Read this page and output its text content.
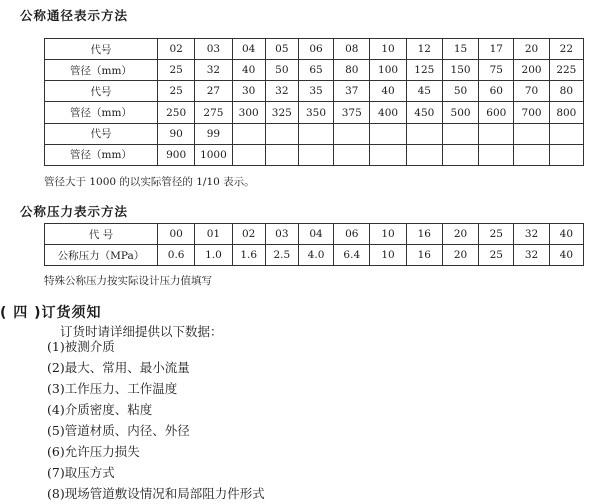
公称通径表示方法
代号	02	03	04	05	06	08	10	12	15	17	20	22
管径（mm）	25	32	40	50	65	80	100	125	150	75	200	225
代号	25	27	30	32	35	37	40	45	50	60	70	80
管径（mm）	250	275	300	325	350	375	400	450	500	600	700	800
代号	90	99										
管径（mm）	900	1000										
管径大于 1000 的以实际管径的 1/10 表示。
公称压力表示方法
代 号	00	01	02	03	04	06	10	16	20	25	32	40
公称压力（MPa）	0.6	1.0	1.6	2.5	4.0	6.4	10	16	20	25	32	40
特殊公称压力按实际设计压力值填写
( 四 )订货须知
订货时请详细提供以下数据：
(1)被测介质
(2)最大、常用、最小流量
(3)工作压力、工作温度
(4)介质密度、粘度
(5)管道材质、内径、外径
(6)允许压力损失
(7)取压方式
(8)现场管道敷设情况和局部阻力件形式
